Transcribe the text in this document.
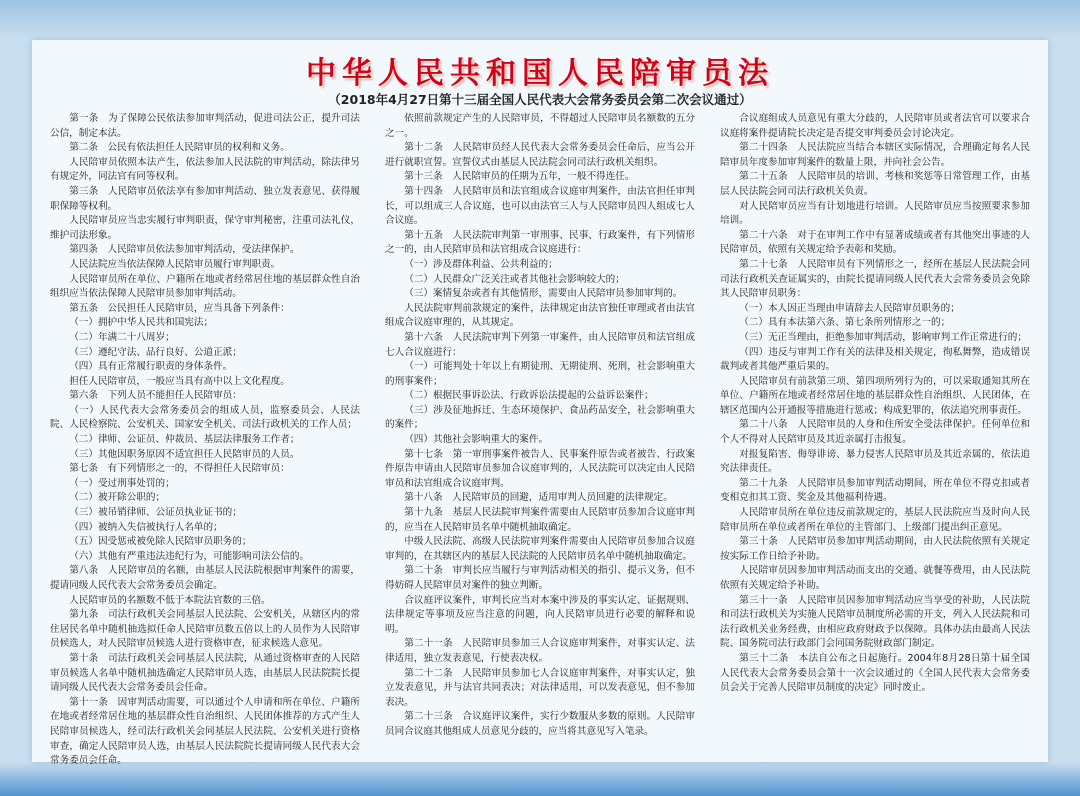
中华人民共和国人民陪审员法
（2018年4月27日第十三届全国人民代表大会常务委员会第二次会议通过）

第一条　为了保障公民依法参加审判活动，促进司法公正，提升司法公信，制定本法。

第二条　公民有依法担任人民陪审员的权利和义务。

人民陪审员依照本法产生，依法参加人民法院的审判活动，除法律另有规定外，同法官有同等权利。

第三条　人民陪审员依法享有参加审判活动、独立发表意见、获得履职保障等权利。

人民陪审员应当忠实履行审判职责，保守审判秘密，注重司法礼仪，维护司法形象。

第四条　人民陪审员依法参加审判活动，受法律保护。

人民法院应当依法保障人民陪审员履行审判职责。

人民陪审员所在单位、户籍所在地或者经常居住地的基层群众性自治组织应当依法保障人民陪审员参加审判活动。

第五条　公民担任人民陪审员，应当具备下列条件：

（一）拥护中华人民共和国宪法；

（二）年满二十八周岁；

（三）遵纪守法、品行良好、公道正派；

（四）具有正常履行职责的身体条件。

担任人民陪审员，一般应当具有高中以上文化程度。

第六条　下列人员不能担任人民陪审员：

（一）人民代表大会常务委员会的组成人员，监察委员会、人民法院、人民检察院、公安机关、国家安全机关、司法行政机关的工作人员；

（二）律师、公证员、仲裁员、基层法律服务工作者；

（三）其他因职务原因不适宜担任人民陪审员的人员。

第七条　有下列情形之一的，不得担任人民陪审员：

（一）受过刑事处罚的；

（二）被开除公职的；

（三）被吊销律师、公证员执业证书的；

（四）被纳入失信被执行人名单的；

（五）因受惩戒被免除人民陪审员职务的；

（六）其他有严重违法违纪行为，可能影响司法公信的。

第八条　人民陪审员的名额，由基层人民法院根据审判案件的需要，提请同级人民代表大会常务委员会确定。

人民陪审员的名额数不低于本院法官数的三倍。

第九条　司法行政机关会同基层人民法院、公安机关，从辖区内的常住居民名单中随机抽选拟任命人民陪审员数五倍以上的人员作为人民陪审员候选人，对人民陪审员候选人进行资格审查，征求候选人意见。

第十条　司法行政机关会同基层人民法院，从通过资格审查的人民陪审员候选人名单中随机抽选确定人民陪审员人选，由基层人民法院院长提请同级人民代表大会常务委员会任命。

第十一条　因审判活动需要，可以通过个人申请和所在单位、户籍所在地或者经常居住地的基层群众性自治组织、人民团体推荐的方式产生人民陪审员候选人，经司法行政机关会同基层人民法院、公安机关进行资格审查，确定人民陪审员人选，由基层人民法院院长提请同级人民代表大会常务委员会任命。

依照前款规定产生的人民陪审员，不得超过人民陪审员名额数的五分之一。

第十二条　人民陪审员经人民代表大会常务委员会任命后，应当公开进行就职宣誓。宣誓仪式由基层人民法院会同司法行政机关组织。

第十三条　人民陪审员的任期为五年，一般不得连任。

第十四条　人民陪审员和法官组成合议庭审判案件，由法官担任审判长，可以组成三人合议庭，也可以由法官三人与人民陪审员四人组成七人合议庭。

第十五条　人民法院审判第一审刑事、民事、行政案件，有下列情形之一的，由人民陪审员和法官组成合议庭进行：

（一）涉及群体利益、公共利益的；

（二）人民群众广泛关注或者其他社会影响较大的；

（三）案情复杂或者有其他情形，需要由人民陪审员参加审判的。

人民法院审判前款规定的案件，法律规定由法官独任审理或者由法官组成合议庭审理的，从其规定。

第十六条　人民法院审判下列第一审案件，由人民陪审员和法官组成七人合议庭进行：

（一）可能判处十年以上有期徒刑、无期徒刑、死刑，社会影响重大的刑事案件；

（二）根据民事诉讼法、行政诉讼法提起的公益诉讼案件；

（三）涉及征地拆迁、生态环境保护、食品药品安全，社会影响重大的案件；

（四）其他社会影响重大的案件。

第十七条　第一审刑事案件被告人、民事案件原告或者被告、行政案件原告申请由人民陪审员参加合议庭审判的，人民法院可以决定由人民陪审员和法官组成合议庭审判。

第十八条　人民陪审员的回避，适用审判人员回避的法律规定。

第十九条　基层人民法院审判案件需要由人民陪审员参加合议庭审判的，应当在人民陪审员名单中随机抽取确定。

中级人民法院、高级人民法院审判案件需要由人民陪审员参加合议庭审判的，在其辖区内的基层人民法院的人民陪审员名单中随机抽取确定。

第二十条　审判长应当履行与审判活动相关的指引、提示义务，但不得妨碍人民陪审员对案件的独立判断。

合议庭评议案件，审判长应当对本案中涉及的事实认定、证据规则、法律规定等事项及应当注意的问题，向人民陪审员进行必要的解释和说明。

第二十一条　人民陪审员参加三人合议庭审判案件，对事实认定、法律适用，独立发表意见，行使表决权。

第二十二条　人民陪审员参加七人合议庭审判案件，对事实认定，独立发表意见，并与法官共同表决；对法律适用，可以发表意见，但不参加表决。

第二十三条　合议庭评议案件，实行少数服从多数的原则。人民陪审员同合议庭其他组成人员意见分歧的，应当将其意见写入笔录。

合议庭组成人员意见有重大分歧的，人民陪审员或者法官可以要求合议庭将案件提请院长决定是否提交审判委员会讨论决定。

第二十四条　人民法院应当结合本辖区实际情况，合理确定每名人民陪审员年度参加审判案件的数量上限，并向社会公告。

第二十五条　人民陪审员的培训、考核和奖惩等日常管理工作，由基层人民法院会同司法行政机关负责。

对人民陪审员应当有计划地进行培训。人民陪审员应当按照要求参加培训。

第二十六条　对于在审判工作中有显著成绩或者有其他突出事迹的人民陪审员，依照有关规定给予表彰和奖励。

第二十七条　人民陪审员有下列情形之一，经所在基层人民法院会同司法行政机关查证属实的，由院长提请同级人民代表大会常务委员会免除其人民陪审员职务：

（一）本人因正当理由申请辞去人民陪审员职务的；

（二）具有本法第六条、第七条所列情形之一的；

（三）无正当理由，拒绝参加审判活动，影响审判工作正常进行的；

（四）违反与审判工作有关的法律及相关规定，徇私舞弊，造成错误裁判或者其他严重后果的。

人民陪审员有前款第三项、第四项所列行为的，可以采取通知其所在单位、户籍所在地或者经常居住地的基层群众性自治组织、人民团体，在辖区范围内公开通报等措施进行惩戒；构成犯罪的，依法追究刑事责任。

第二十八条　人民陪审员的人身和住所安全受法律保护。任何单位和个人不得对人民陪审员及其近亲属打击报复。

对报复陷害、侮辱诽谤、暴力侵害人民陪审员及其近亲属的，依法追究法律责任。

第二十九条　人民陪审员参加审判活动期间，所在单位不得克扣或者变相克扣其工资、奖金及其他福利待遇。

人民陪审员所在单位违反前款规定的，基层人民法院应当及时向人民陪审员所在单位或者所在单位的主管部门、上级部门提出纠正意见。

第三十条　人民陪审员参加审判活动期间，由人民法院依照有关规定按实际工作日给予补助。

人民陪审员因参加审判活动而支出的交通、就餐等费用，由人民法院依照有关规定给予补助。

第三十一条　人民陪审员因参加审判活动应当享受的补助，人民法院和司法行政机关为实施人民陪审员制度所必需的开支，列入人民法院和司法行政机关业务经费，由相应政府财政予以保障。具体办法由最高人民法院、国务院司法行政部门会同国务院财政部门制定。

第三十二条　本法自公布之日起施行。2004年8月28日第十届全国人民代表大会常务委员会第十一次会议通过的《全国人民代表大会常务委员会关于完善人民陪审员制度的决定》同时废止。
